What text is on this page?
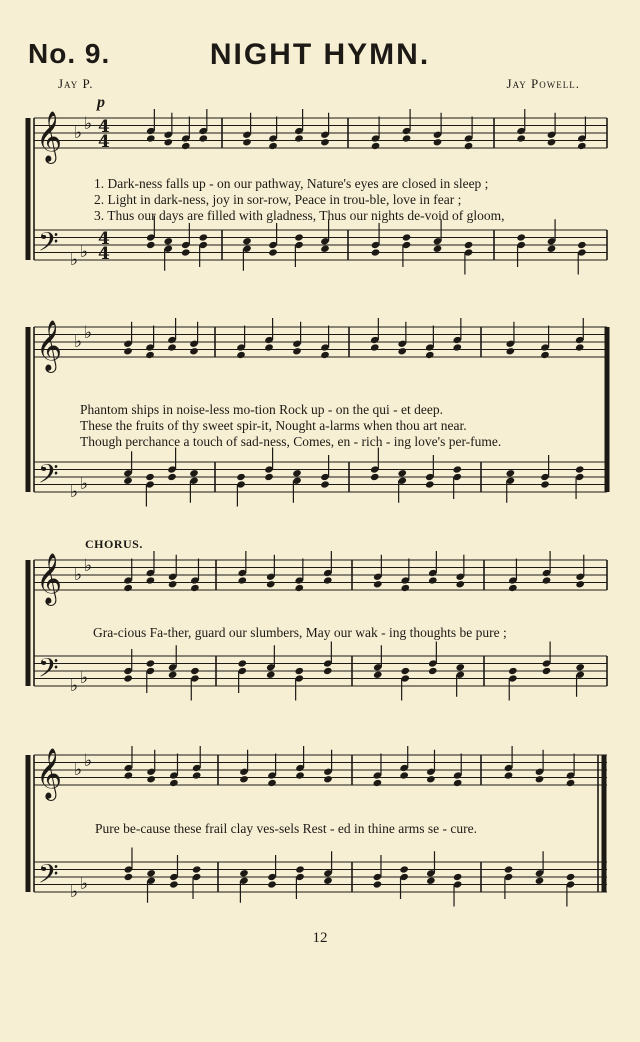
No. 9.	NIGHT HYMN.
Jay P.	Jay Powell.
p
CHORUS.
𝄞
𝄢
♭ ♭
♭ ♭
4
4
4
4
𝄞
𝄢
♭ ♭
♭ ♭
𝄞
𝄢
♭ ♭
♭ ♭
𝄞
𝄢
♭ ♭
♭ ♭
1. Dark-ness falls up - on our pathway, Nature's eyes are closed in sleep ;
2. Light in dark-ness, joy in sor-row, Peace in trou-ble, love in fear ;
3. Thus our days are filled with gladness, Thus our nights de-void of gloom,
Phantom ships in noise-less mo-tion Rock up - on the qui - et deep.
These the fruits of thy sweet spir-it, Nought a-larms when thou art near.
Though perchance a touch of sad-ness, Comes, en - rich - ing love's per-fume.
Gra-cious Fa-ther, guard our slumbers, May our wak - ing thoughts be pure ;
Pure be-cause these frail clay ves-sels Rest - ed in thine arms se - cure.
12
